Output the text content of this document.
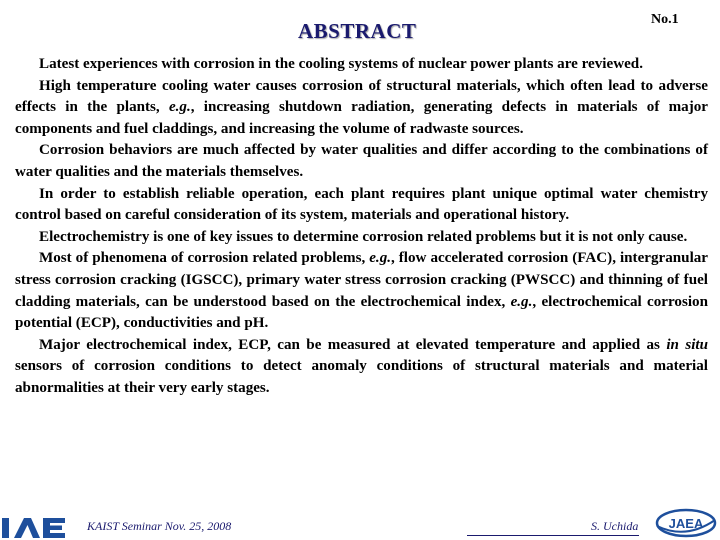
ABSTRACT	No.1

Latest experiences with corrosion in the cooling systems of nuclear power plants are reviewed.

High temperature cooling water causes corrosion of structural materials, which often lead to adverse effects in the plants, e.g., increasing shutdown radiation, generating defects in materials of major components and fuel claddings, and increasing the volume of radwaste sources.

Corrosion behaviors are much affected by water qualities and differ according to the combinations of water qualities and the materials themselves.

In order to establish reliable operation, each plant requires plant unique optimal water chemistry control based on careful consideration of its system, materials and operational history.

Electrochemistry is one of key issues to determine corrosion related problems but it is not only cause.

Most of phenomena of corrosion related problems, e.g., flow accelerated corrosion (FAC), intergranular stress corrosion cracking (IGSCC), primary water stress corrosion cracking (PWSCC) and thinning of fuel cladding materials, can be understood based on the electrochemical index, e.g., electrochemical corrosion potential (ECP), conductivities and pH.

Major electrochemical index, ECP, can be measured at elevated temperature and applied as in situ sensors of corrosion conditions to detect anomaly conditions of structural materials and material abnormalities at their very early stages.

IAE
KAIST Seminar Nov. 25, 2008	S. Uchida JAEA
